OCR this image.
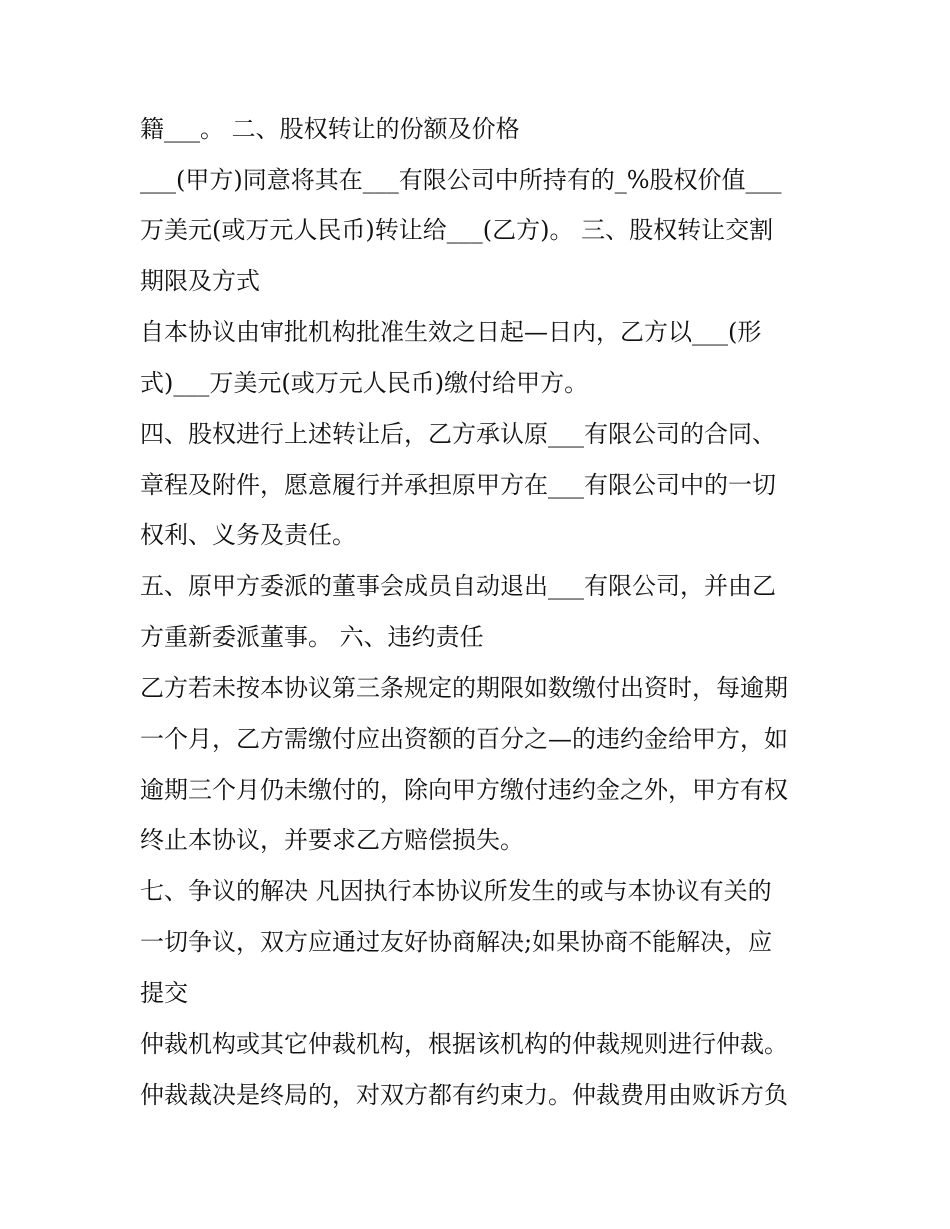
籍___。 二、股权转让的份额及价格

___(甲方)同意将其在___有限公司中所持有的_%股权价值___

万美元(或万元人民币)转让给___(乙方)。 三、股权转让交割

期限及方式

自本协议由审批机构批准生效之日起—日内，乙方以___(形

式)___万美元(或万元人民币)缴付给甲方。

四、股权进行上述转让后，乙方承认原___有限公司的合同、

章程及附件，愿意履行并承担原甲方在___有限公司中的一切

权利、义务及责任。

五、原甲方委派的董事会成员自动退出___有限公司，并由乙

方重新委派董事。 六、违约责任

乙方若未按本协议第三条规定的期限如数缴付出资时，每逾期

一个月，乙方需缴付应出资额的百分之—的违约金给甲方，如

逾期三个月仍未缴付的，除向甲方缴付违约金之外，甲方有权

终止本协议，并要求乙方赔偿损失。

七、争议的解决 凡因执行本协议所发生的或与本协议有关的

一切争议，双方应通过友好协商解决;如果协商不能解决，应

提交

仲裁机构或其它仲裁机构，根据该机构的仲裁规则进行仲裁。

仲裁裁决是终局的，对双方都有约束力。仲裁费用由败诉方负
